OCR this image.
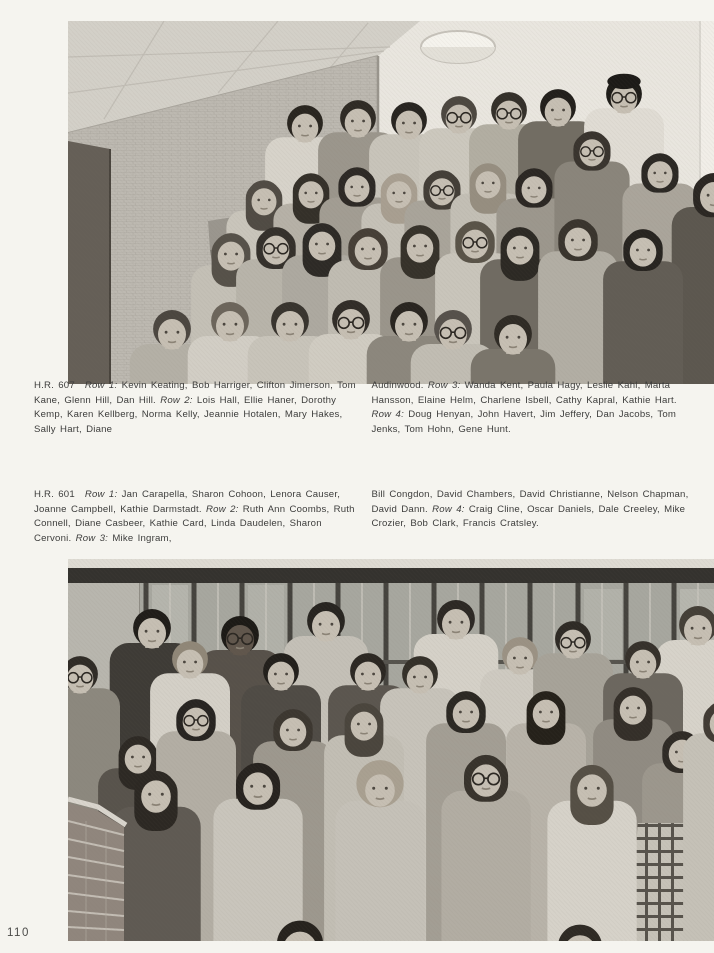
H.R. 607 Row 1: Kevin Keating, Bob Harriger, Clifton Jimerson, Tom Kane, Glenn Hill, Dan Hill. Row 2: Lois Hall, Ellie Haner, Dorothy Kemp, Karen Kellberg, Norma Kelly, Jeannie Hotalen, Mary Hakes, Sally Hart, Diane

Audinwood. Row 3: Wanda Kent, Paula Hagy, Leslie Kahl, Marta Hansson, Elaine Helm, Charlene Isbell, Cathy Kapral, Kathie Hart. Row 4: Doug Henyan, John Havert, Jim Jeffery, Dan Jacobs, Tom Jenks, Tom Hohn, Gene Hunt.

H.R. 601 Row 1: Jan Carapella, Sharon Cohoon, Lenora Causer, Joanne Campbell, Kathie Darmstadt. Row 2: Ruth Ann Coombs, Ruth Connell, Diane Casbeer, Kathie Card, Linda Daudelen, Sharon Cervoni. Row 3: Mike Ingram,

Bill Congdon, David Chambers, David Christianne, Nelson Chapman, David Dann. Row 4: Craig Cline, Oscar Daniels, Dale Creeley, Mike Crozier, Bob Clark, Francis Cratsley.

110
